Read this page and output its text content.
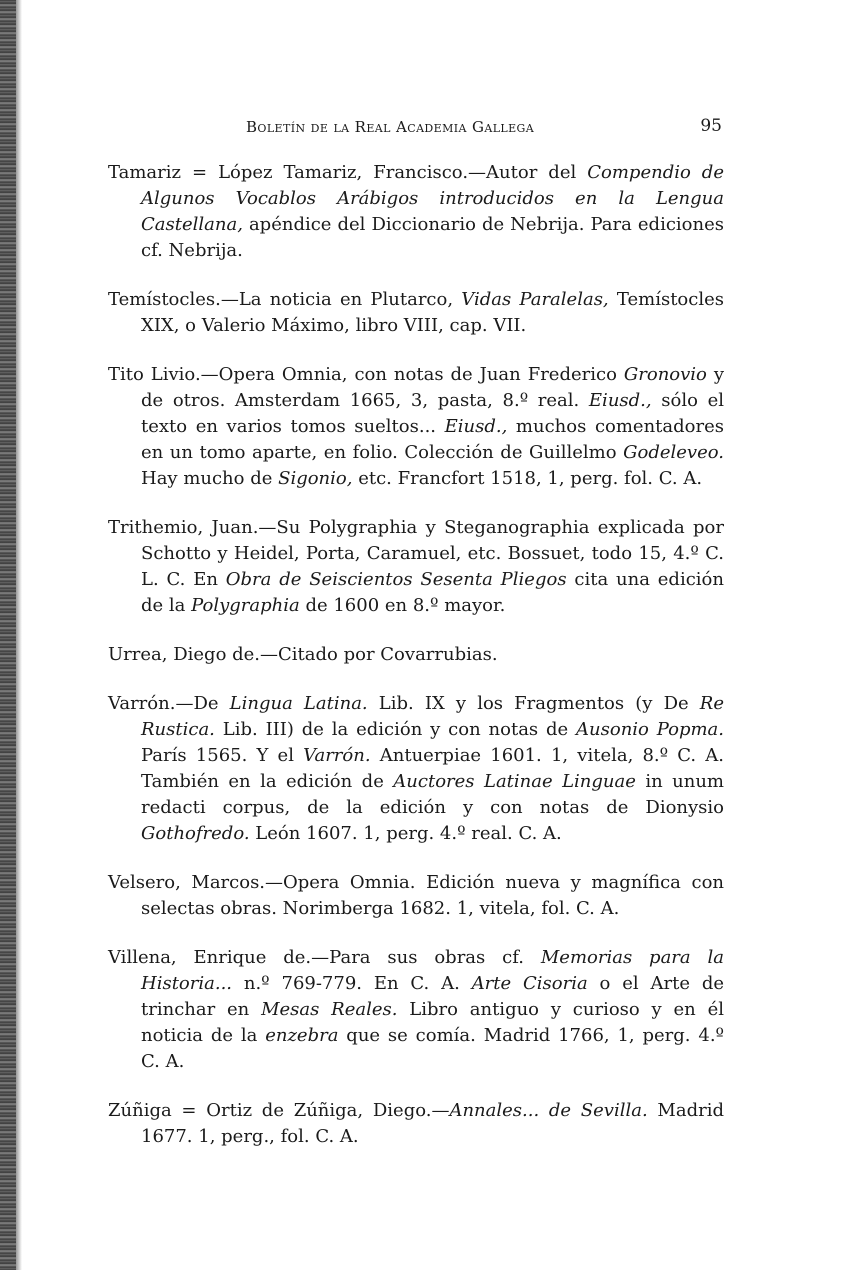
Boletín de la Real Academia Gallega	95

Tamariz = López Tamariz, Francisco.—Autor del Compendio de Algunos Vocablos Arábigos introducidos en la Lengua Castellana, apéndice del Diccionario de Nebrija. Para ediciones cf. Nebrija.

Temístocles.—La noticia en Plutarco, Vidas Paralelas, Temístocles XIX, o Valerio Máximo, libro VIII, cap. VII.

Tito Livio.—Opera Omnia, con notas de Juan Frederico Gronovio y de otros. Amsterdam 1665, 3, pasta, 8.º real. Eiusd., sólo el texto en varios tomos sueltos... Eiusd., muchos comentadores en un tomo aparte, en folio. Colección de Guillelmo Godeleveo. Hay mucho de Sigonio, etc. Francfort 1518, 1, perg. fol. C. A.

Trithemio, Juan.—Su Polygraphia y Steganographia explicada por Schotto y Heidel, Porta, Caramuel, etc. Bossuet, todo 15, 4.º C. L. C. En Obra de Seiscientos Sesenta Pliegos cita una edición de la Polygraphia de 1600 en 8.º mayor.

Urrea, Diego de.—Citado por Covarrubias.

Varrón.—De Lingua Latina. Lib. IX y los Fragmentos (y De Re Rustica. Lib. III) de la edición y con notas de Ausonio Popma. París 1565. Y el Varrón. Antuerpiae 1601. 1, vitela, 8.º C. A. También en la edición de Auctores Latinae Linguae in unum redacti corpus, de la edición y con notas de Dionysio Gothofredo. León 1607. 1, perg. 4.º real. C. A.

Velsero, Marcos.—Opera Omnia. Edición nueva y magnífica con selectas obras. Norimberga 1682. 1, vitela, fol. C. A.

Villena, Enrique de.—Para sus obras cf. Memorias para la Historia... n.º 769-779. En C. A. Arte Cisoria o el Arte de trinchar en Mesas Reales. Libro antiguo y curioso y en él noticia de la enzebra que se comía. Madrid 1766, 1, perg. 4.º C. A.

Zúñiga = Ortiz de Zúñiga, Diego.—Annales... de Sevilla. Madrid 1677. 1, perg., fol. C. A.
